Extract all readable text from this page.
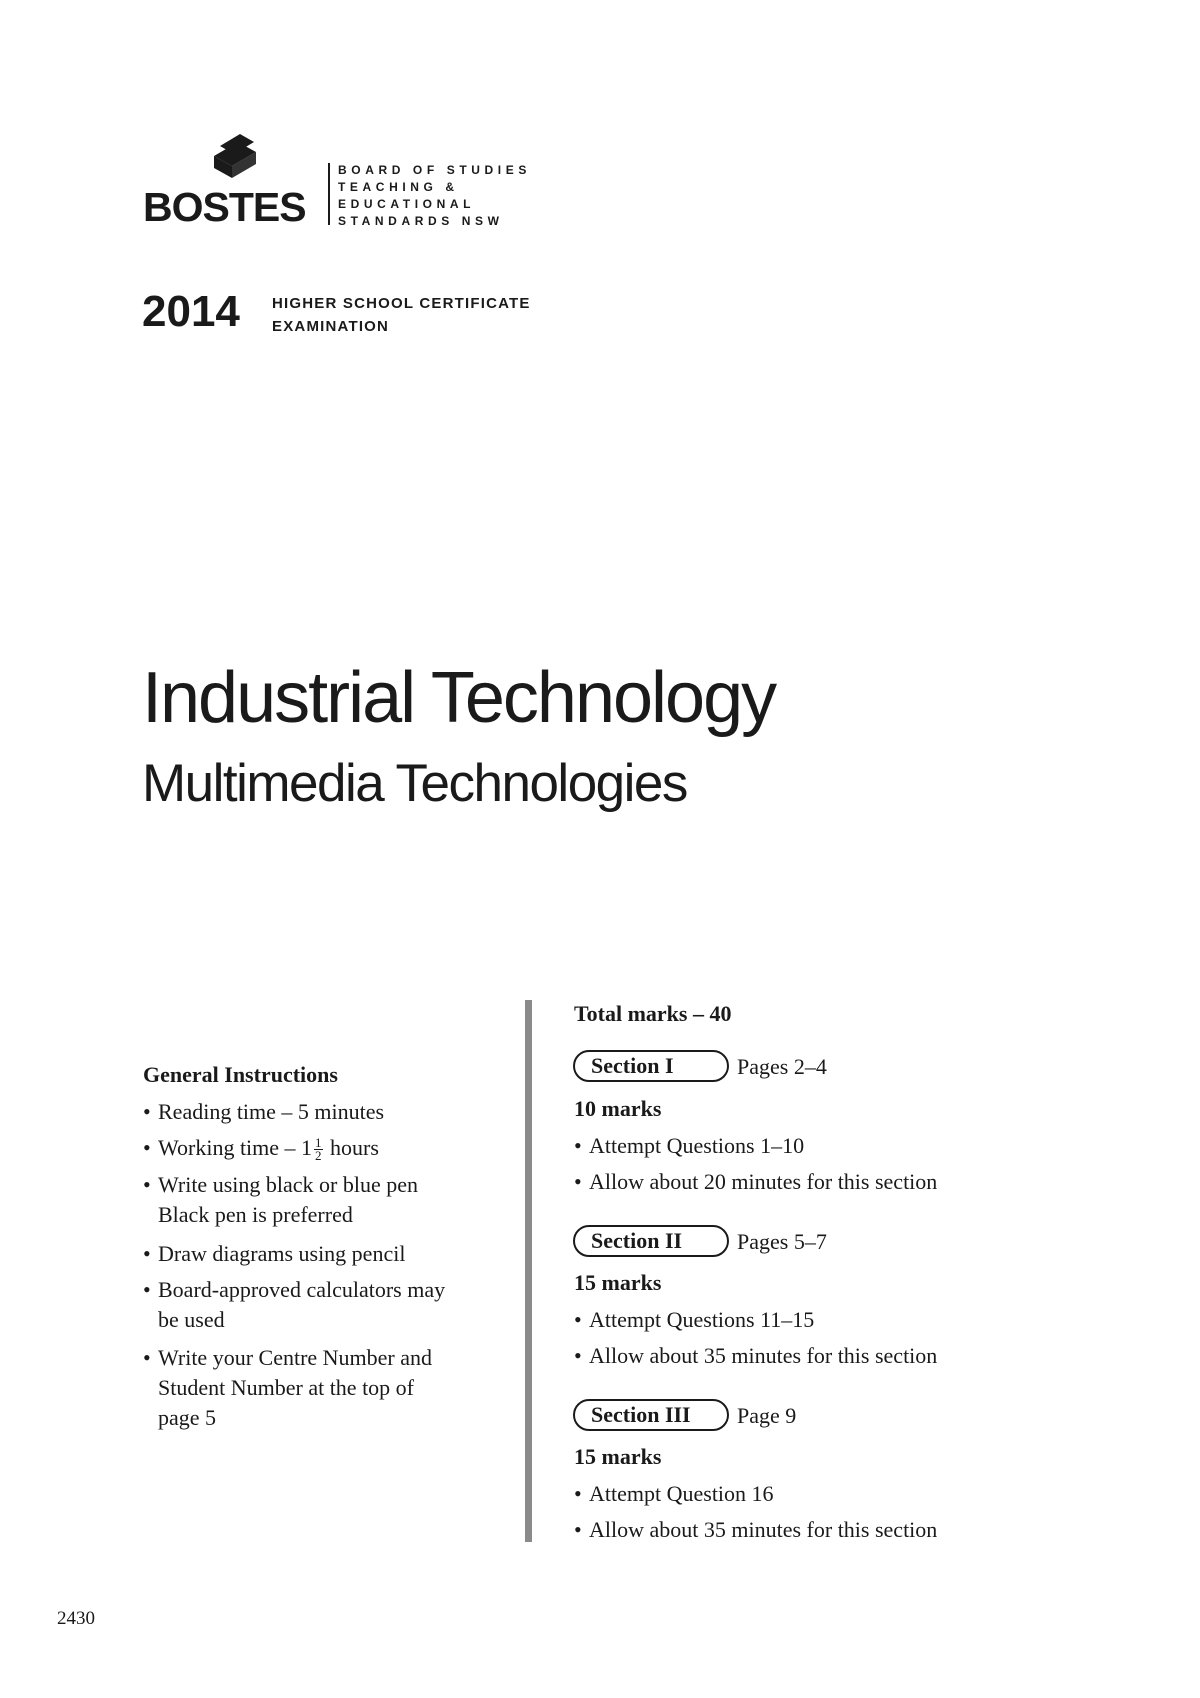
BOSTES
BOARD OF STUDIES
TEACHING &
EDUCATIONAL
STANDARDS NSW
2014 HIGHER SCHOOL CERTIFICATE
EXAMINATION
Industrial Technology
Multimedia Technologies
General Instructions
• Reading time – 5 minutes
• Working time – $1 \frac{1}{2}$ hours
• Write using black or blue pen
Black pen is preferred
• Draw diagrams using pencil
• Board-approved calculators may
be used
• Write your Centre Number and
Student Number at the top of
page 5
Total marks – 40
Section I	Pages 2–4
10 marks
• Attempt Questions 1–10
• Allow about 20 minutes for this section
Section II	Pages 5–7
15 marks
• Attempt Questions 11–15
• Allow about 35 minutes for this section
Section III	Page 9
15 marks
• Attempt Question 16
• Allow about 35 minutes for this section
2430
